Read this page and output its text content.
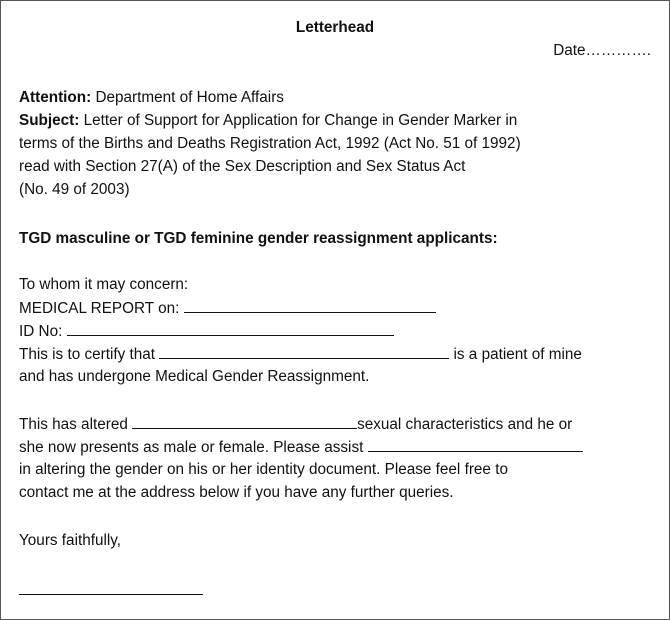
Letterhead
Date………….
Attention: Department of Home Affairs
Subject: Letter of Support for Application for Change in Gender Marker in
terms of the Births and Deaths Registration Act, 1992 (Act No. 51 of 1992)
read with Section 27(A) of the Sex Description and Sex Status Act
(No. 49 of 2003)
TGD masculine or TGD feminine gender reassignment applicants:
To whom it may concern:
MEDICAL REPORT on:
ID No:
This is to certify that	is a patient of mine
and has undergone Medical Gender Reassignment.
This has altered	sexual characteristics and he or
she now presents as male or female. Please assist
in altering the gender on his or her identity document. Please feel free to
contact me at the address below if you have any further queries.
Yours faithfully,
